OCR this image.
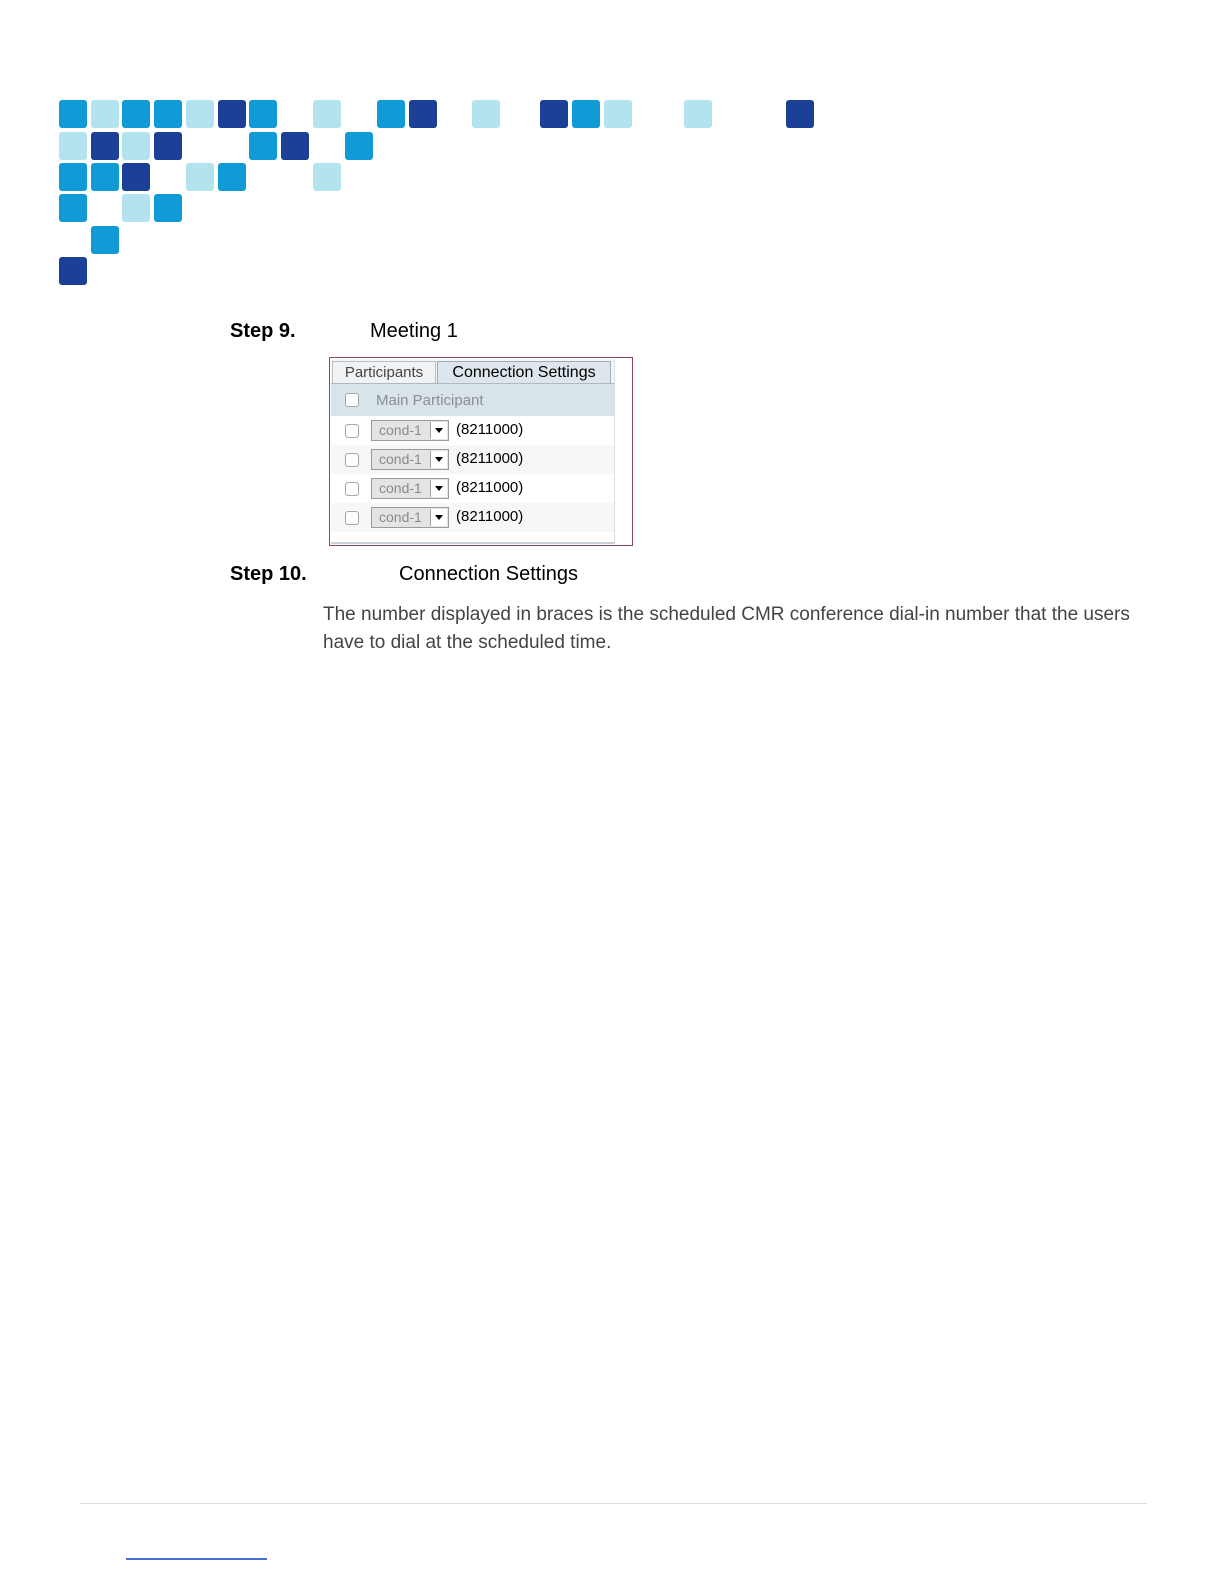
Step 9.	Meeting 1
Participants	Connection Settings
Main Participant
cond-1 (8211000)
cond-1 (8211000)
cond-1 (8211000)
cond-1 (8211000)
Step 10.	Connection Settings
The number displayed in braces is the scheduled CMR conference dial-in number that the users have to dial at the scheduled time.
